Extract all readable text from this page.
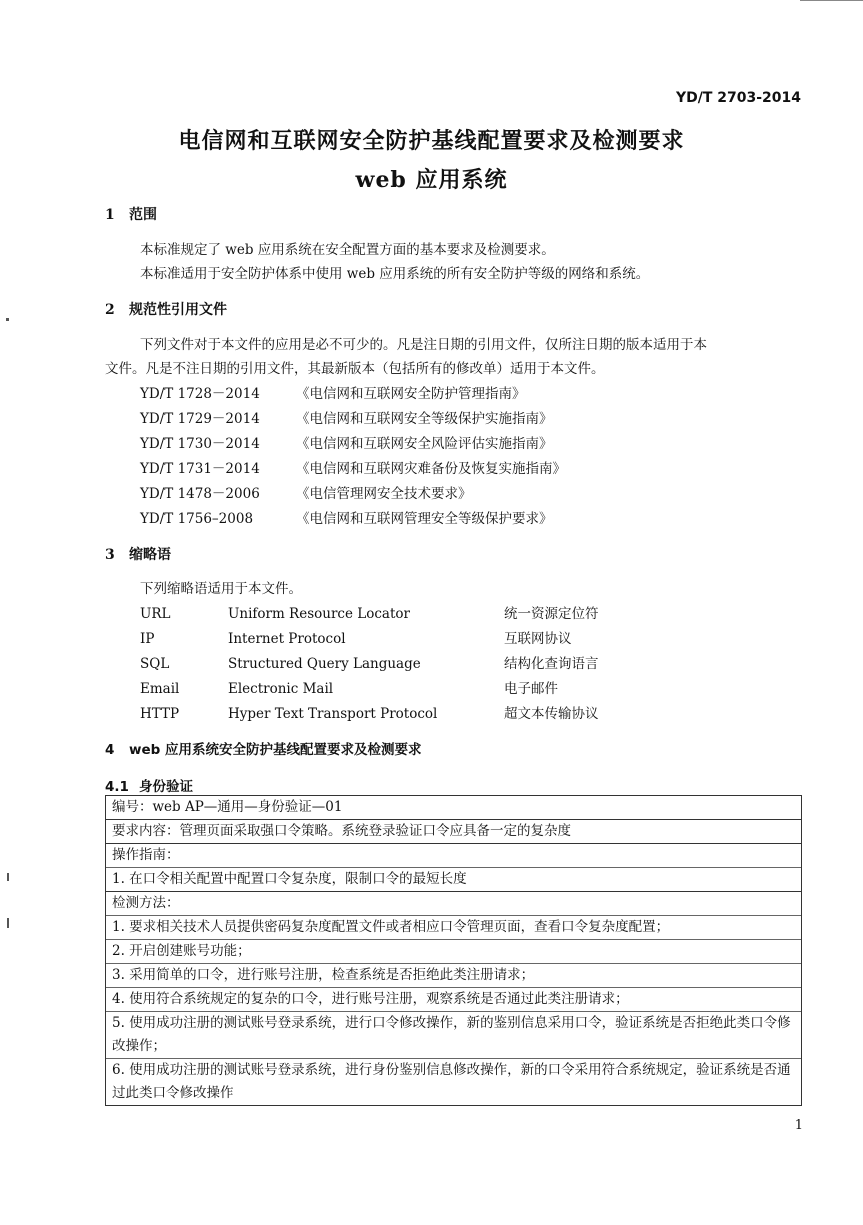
YD/T 2703-2014
电信网和互联网安全防护基线配置要求及检测要求
web 应用系统
1 范围
本标准规定了 web 应用系统在安全配置方面的基本要求及检测要求。
本标准适用于安全防护体系中使用 web 应用系统的所有安全防护等级的网络和系统。
2 规范性引用文件
下列文件对于本文件的应用是必不可少的。凡是注日期的引用文件，仅所注日期的版本适用于本
文件。凡是不注日期的引用文件，其最新版本（包括所有的修改单）适用于本文件。
YD/T 1728－2014	《电信网和互联网安全防护管理指南》
YD/T 1729－2014	《电信网和互联网安全等级保护实施指南》
YD/T 1730－2014	《电信网和互联网安全风险评估实施指南》
YD/T 1731－2014	《电信网和互联网灾难备份及恢复实施指南》
YD/T 1478－2006	《电信管理网安全技术要求》
YD/T 1756–2008	《电信网和互联网管理安全等级保护要求》
3 缩略语
下列缩略语适用于本文件。
URL	Uniform Resource Locator	统一资源定位符
IP	Internet Protocol	互联网协议
SQL	Structured Query Language	结构化查询语言
Email	Electronic Mail	电子邮件
HTTP	Hyper Text Transport Protocol	超文本传输协议
4 web 应用系统安全防护基线配置要求及检测要求
4.1 身份验证
编号：web AP—通用—身份验证—01

要求内容：管理页面采取强口令策略。系统登录验证口令应具备一定的复杂度

操作指南：
1. 在口令相关配置中配置口令复杂度，限制口令的最短长度

检测方法：
1. 要求相关技术人员提供密码复杂度配置文件或者相应口令管理页面，查看口令复杂度配置；
2. 开启创建账号功能；
3. 采用简单的口令，进行账号注册，检查系统是否拒绝此类注册请求；
4. 使用符合系统规定的复杂的口令，进行账号注册，观察系统是否通过此类注册请求；
5. 使用成功注册的测试账号登录系统，进行口令修改操作，新的鉴别信息采用口令，验证系统是否拒绝此类口令修改操作；
6. 使用成功注册的测试账号登录系统，进行身份鉴别信息修改操作，新的口令采用符合系统规定，验证系统是否通过此类口令修改操作
1
